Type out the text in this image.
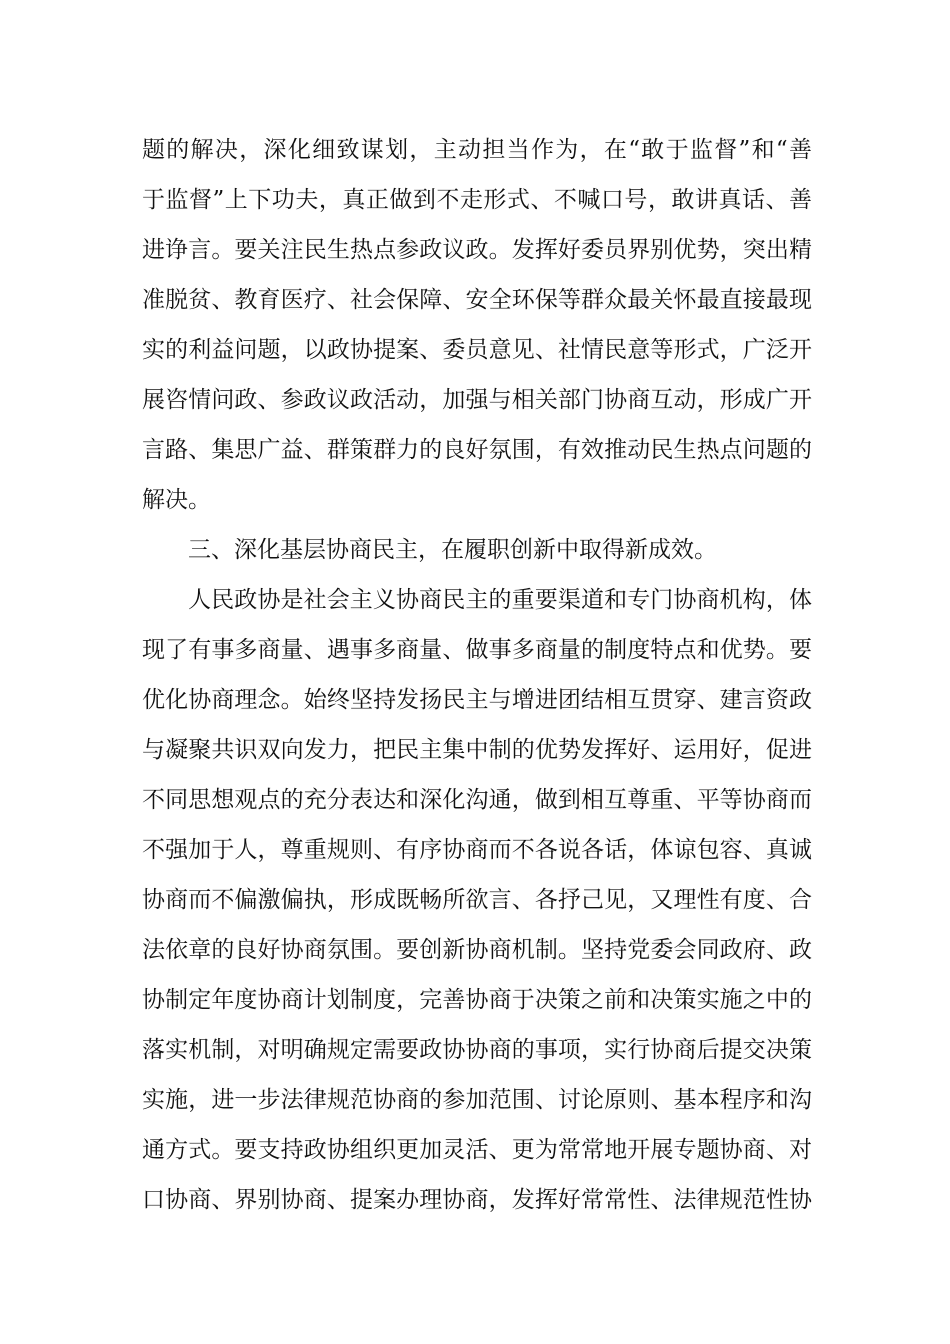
题的解决，深化细致谋划，主动担当作为，在“敢于监督”和“善
于监督”上下功夫，真正做到不走形式、不喊口号，敢讲真话、善
进诤言。要关注民生热点参政议政。发挥好委员界别优势，突出精
准脱贫、教育医疗、社会保障、安全环保等群众最关怀最直接最现
实的利益问题，以政协提案、委员意见、社情民意等形式，广泛开
展咨情问政、参政议政活动，加强与相关部门协商互动，形成广开
言路、集思广益、群策群力的良好氛围，有效推动民生热点问题的
解决。
三、深化基层协商民主，在履职创新中取得新成效。
人民政协是社会主义协商民主的重要渠道和专门协商机构，体
现了有事多商量、遇事多商量、做事多商量的制度特点和优势。要
优化协商理念。始终坚持发扬民主与增进团结相互贯穿、建言资政
与凝聚共识双向发力，把民主集中制的优势发挥好、运用好，促进
不同思想观点的充分表达和深化沟通，做到相互尊重、平等协商而
不强加于人，尊重规则、有序协商而不各说各话，体谅包容、真诚
协商而不偏激偏执，形成既畅所欲言、各抒己见，又理性有度、合
法依章的良好协商氛围。要创新协商机制。坚持党委会同政府、政
协制定年度协商计划制度，完善协商于决策之前和决策实施之中的
落实机制，对明确规定需要政协协商的事项，实行协商后提交决策
实施，进一步法律规范协商的参加范围、讨论原则、基本程序和沟
通方式。要支持政协组织更加灵活、更为常常地开展专题协商、对
口协商、界别协商、提案办理协商，发挥好常常性、法律规范性协
